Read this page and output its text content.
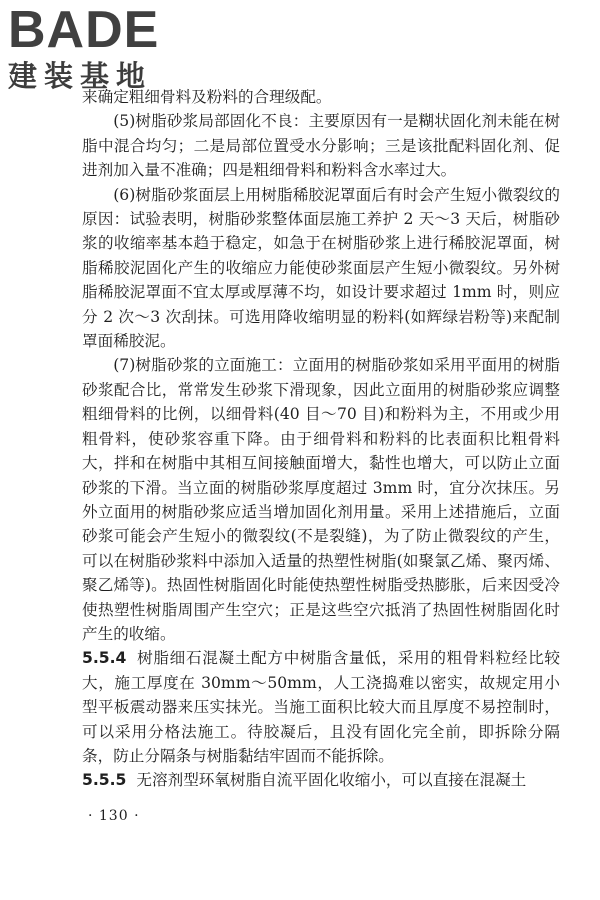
BADE
建装基地

来确定粗细骨料及粉料的合理级配。

(5)树脂砂浆局部固化不良：主要原因有一是糊状固化剂未能在树脂中混合均匀；二是局部位置受水分影响；三是该批配料固化剂、促进剂加入量不准确；四是粗细骨料和粉料含水率过大。

(6)树脂砂浆面层上用树脂稀胶泥罩面后有时会产生短小微裂纹的原因：试验表明，树脂砂浆整体面层施工养护 2 天～3 天后，树脂砂浆的收缩率基本趋于稳定，如急于在树脂砂浆上进行稀胶泥罩面，树脂稀胶泥固化产生的收缩应力能使砂浆面层产生短小微裂纹。另外树脂稀胶泥罩面不宜太厚或厚薄不均，如设计要求超过 1mm 时，则应分 2 次～3 次刮抹。可选用降收缩明显的粉料(如辉绿岩粉等)来配制罩面稀胶泥。

(7)树脂砂浆的立面施工：立面用的树脂砂浆如采用平面用的树脂砂浆配合比，常常发生砂浆下滑现象，因此立面用的树脂砂浆应调整粗细骨料的比例，以细骨料(40 目～70 目)和粉料为主，不用或少用粗骨料，使砂浆容重下降。由于细骨料和粉料的比表面积比粗骨料大，拌和在树脂中其相互间接触面增大，黏性也增大，可以防止立面砂浆的下滑。当立面的树脂砂浆厚度超过 3mm 时，宜分次抹压。另外立面用的树脂砂浆应适当增加固化剂用量。采用上述措施后，立面砂浆可能会产生短小的微裂纹(不是裂缝)，为了防止微裂纹的产生，可以在树脂砂浆料中添加入适量的热塑性树脂(如聚氯乙烯、聚丙烯、聚乙烯等)。热固性树脂固化时能使热塑性树脂受热膨胀，后来因受冷使热塑性树脂周围产生空穴；正是这些空穴抵消了热固性树脂固化时产生的收缩。

5.5.4 树脂细石混凝土配方中树脂含量低，采用的粗骨料粒经比较大，施工厚度在 30mm～50mm，人工浇捣难以密实，故规定用小型平板震动器来压实抹光。当施工面积比较大而且厚度不易控制时，可以采用分格法施工。待胶凝后，且没有固化完全前，即拆除分隔条，防止分隔条与树脂黏结牢固而不能拆除。

5.5.5 无溶剂型环氧树脂自流平固化收缩小，可以直接在混凝土

· 130 ·
